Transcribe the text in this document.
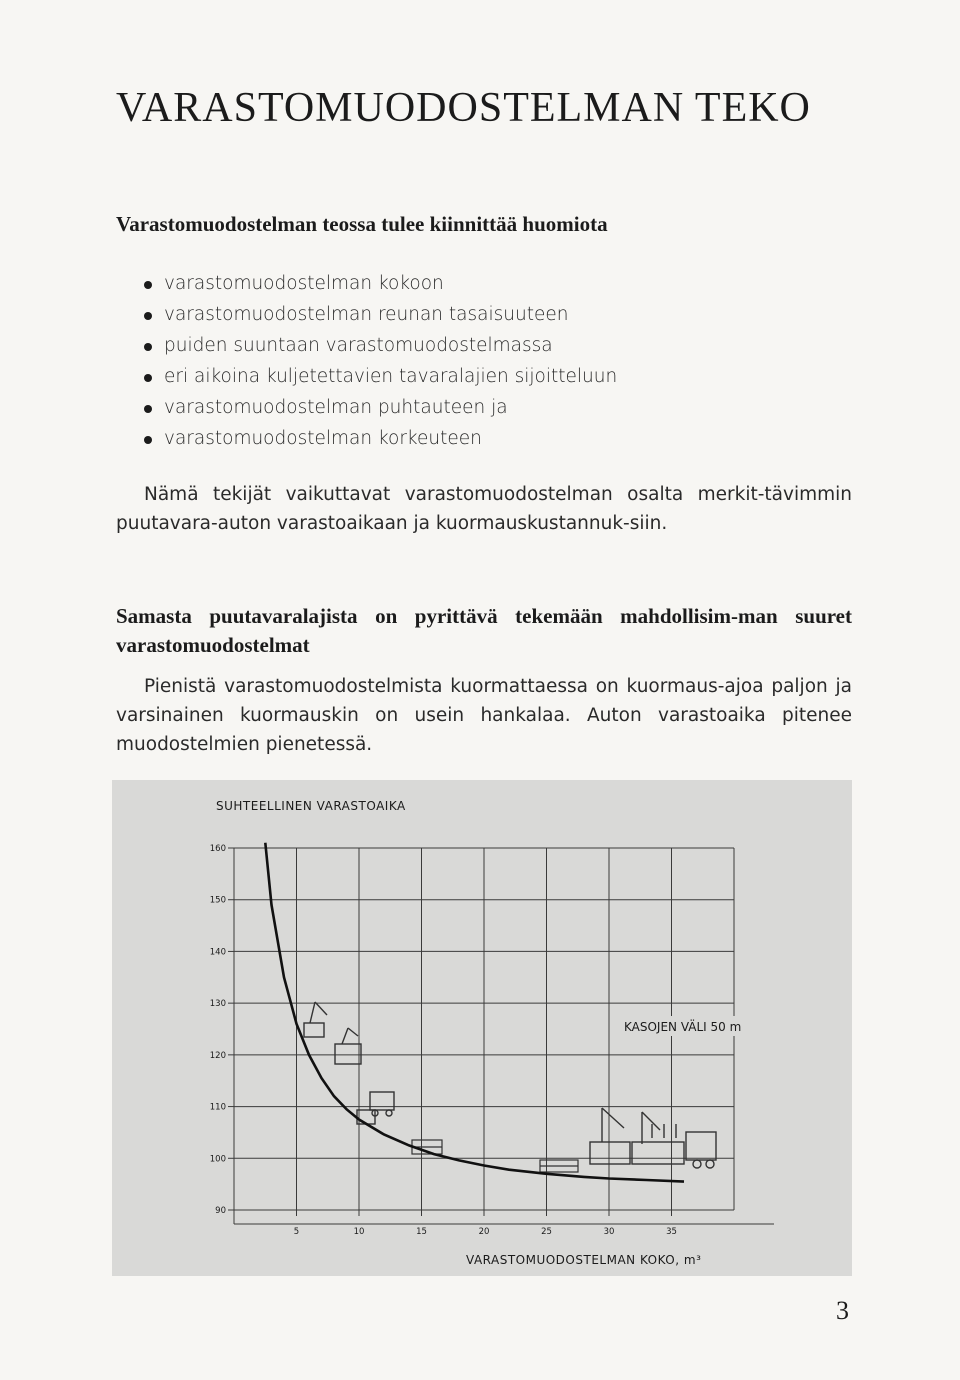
VARASTOMUODOSTELMAN TEKO
Varastomuodostelman teossa tulee kiinnittää huomiota
varastomuodostelman kokoon
varastomuodostelman reunan tasaisuuteen
puiden suuntaan varastomuodostelmassa
eri aikoina kuljetettavien tavaralajien sijoitteluun
varastomuodostelman puhtauteen ja
varastomuodostelman korkeuteen

Nämä tekijät vaikuttavat varastomuodostelman osalta merkit-tävimmin puutavara-auton varastoaikaan ja kuormauskustannuk-siin.

Samasta puutavaralajista on pyrittävä tekemään mahdollisim-man suuret varastomuodostelmat

Pienistä varastomuodostelmista kuormattaessa on kuormaus-ajoa paljon ja varsinainen kuormauskin on usein hankalaa. Auton varastoaika pitenee muodostelmien pienetessä.

SUHTEELLINEN VARASTOAIKA
160
150
140
130
120
110
100
90
5	10	15	20	25	30	35
KASOJEN VÄLI 50 m
VARASTOMUODOSTELMAN KOKO, m³
3
